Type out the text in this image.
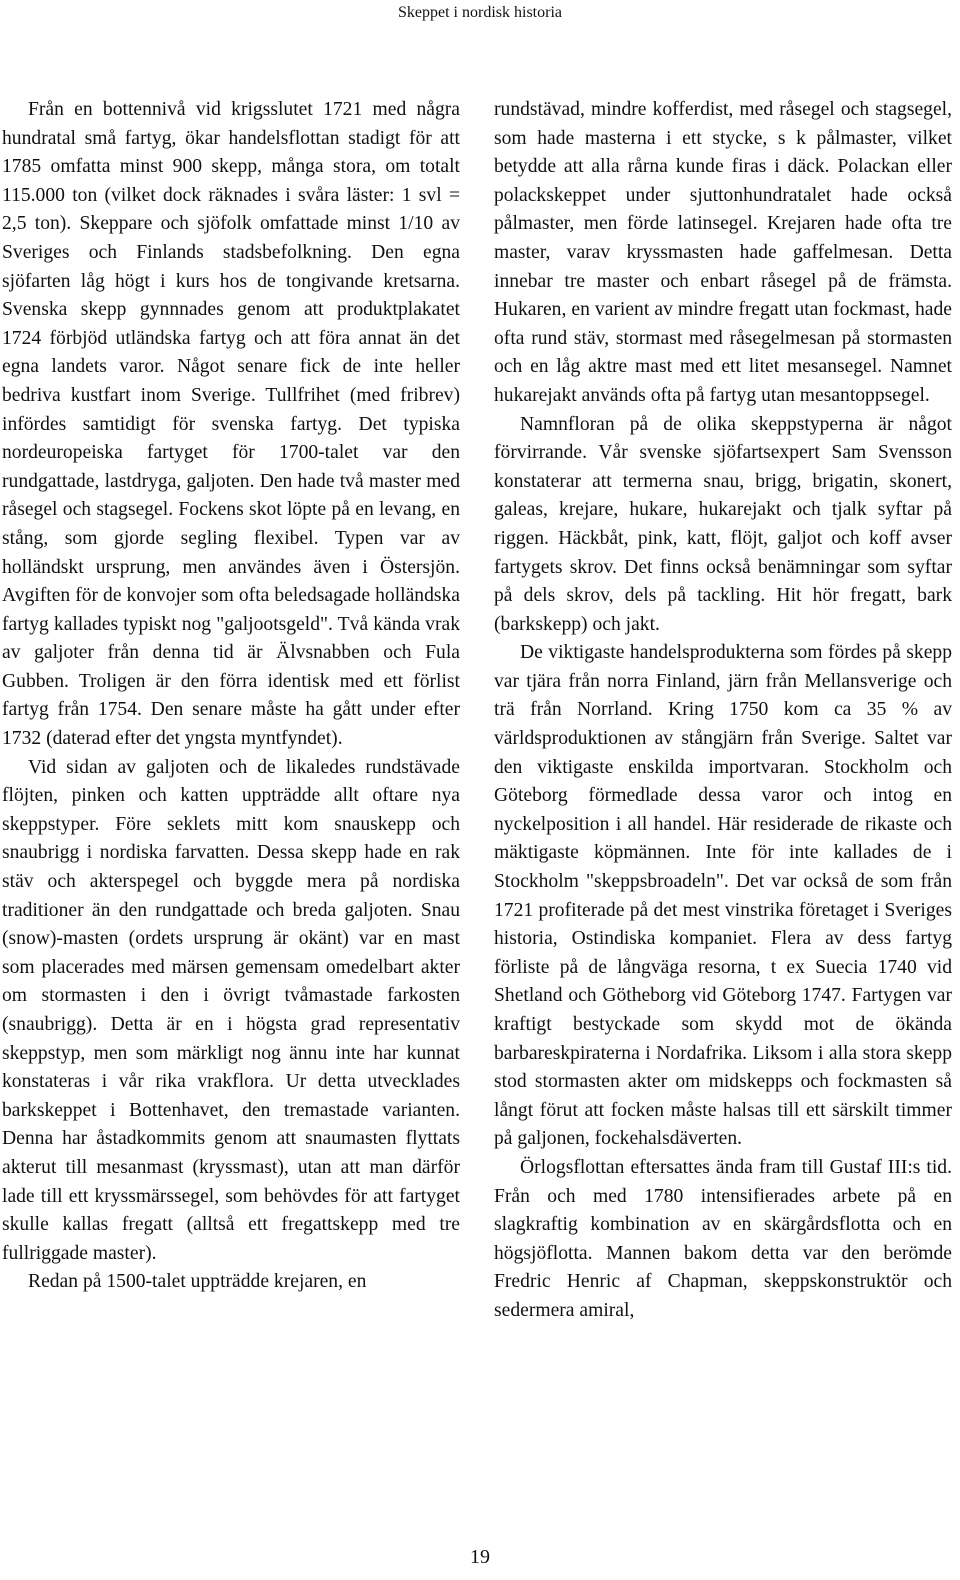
Skeppet i nordisk historia

Från en bottennivå vid krigsslutet 1721 med några hundratal små fartyg, ökar handelsflottan stadigt för att 1785 omfatta minst 900 skepp, många stora, om totalt 115.000 ton (vilket dock räknades i svåra läster: 1 svl = 2,5 ton). Skeppare och sjöfolk omfattade minst 1/10 av Sveriges och Finlands stadsbefolkning. Den egna sjöfarten låg högt i kurs hos de tongivande kretsarna. Svenska skepp gynnnades genom att produktplakatet 1724 förbjöd utländska fartyg och att föra annat än det egna landets varor. Något senare fick de inte heller bedriva kustfart inom Sverige. Tullfrihet (med fribrev) infördes samtidigt för svenska fartyg. Det typiska nordeuropeiska fartyget för 1700-talet var den rundgattade, lastdryga, galjoten. Den hade två master med råsegel och stagsegel. Fockens skot löpte på en levang, en stång, som gjorde segling flexibel. Typen var av holländskt ursprung, men användes även i Östersjön. Avgiften för de konvojer som ofta beledsagade holländska fartyg kallades typiskt nog "galjootsgeld". Två kända vrak av galjoter från denna tid är Älvsnabben och Fula Gubben. Troligen är den förra identisk med ett förlist fartyg från 1754. Den senare måste ha gått under efter 1732 (daterad efter det yngsta myntfyndet).

Vid sidan av galjoten och de likaledes rundstävade flöjten, pinken och katten uppträdde allt oftare nya skeppstyper. Före seklets mitt kom snauskepp och snaubrigg i nordiska farvatten. Dessa skepp hade en rak stäv och akterspegel och byggde mera på nordiska traditioner än den rundgattade och breda galjoten. Snau (snow)-masten (ordets ursprung är okänt) var en mast som placerades med märsen gemensam omedelbart akter om stormasten i den i övrigt tvåmastade farkosten (snaubrigg). Detta är en i högsta grad representativ skeppstyp, men som märkligt nog ännu inte har kunnat konstateras i vår rika vrakflora. Ur detta utvecklades barkskeppet i Bottenhavet, den tremastade varianten. Denna har åstadkommits genom att snaumasten flyttats akterut till mesanmast (kryssmast), utan att man därför lade till ett kryssmärssegel, som behövdes för att fartyget skulle kallas fregatt (alltså ett fregattskepp med tre fullriggade master).

Redan på 1500-talet uppträdde krejaren, en

rundstävad, mindre kofferdist, med råsegel och stagsegel, som hade masterna i ett stycke, s k pålmaster, vilket betydde att alla rårna kunde firas i däck. Polackan eller polackskeppet under sjuttonhundratalet hade också pålmaster, men förde latinsegel. Krejaren hade ofta tre master, varav kryssmasten hade gaffelmesan. Detta innebar tre master och enbart råsegel på de främsta. Hukaren, en varient av mindre fregatt utan fockmast, hade ofta rund stäv, stormast med råsegelmesan på stormasten och en låg aktre mast med ett litet mesansegel. Namnet hukarejakt används ofta på fartyg utan mesantoppsegel.

Namnfloran på de olika skeppstyperna är något förvirrande. Vår svenske sjöfartsexpert Sam Svensson konstaterar att termerna snau, brigg, brigatin, skonert, galeas, krejare, hukare, hukarejakt och tjalk syftar på riggen. Häckbåt, pink, katt, flöjt, galjot och koff avser fartygets skrov. Det finns också benämningar som syftar på dels skrov, dels på tackling. Hit hör fregatt, bark (barkskepp) och jakt.

De viktigaste handelsprodukterna som fördes på skepp var tjära från norra Finland, järn från Mellansverige och trä från Norrland. Kring 1750 kom ca 35 % av världsproduktionen av stångjärn från Sverige. Saltet var den viktigaste enskilda importvaran. Stockholm och Göteborg förmedlade dessa varor och intog en nyckelposition i all handel. Här residerade de rikaste och mäktigaste köpmännen. Inte för inte kallades de i Stockholm "skeppsbroadeln". Det var också de som från 1721 profiterade på det mest vinstrika företaget i Sveriges historia, Ostindiska kompaniet. Flera av dess fartyg förliste på de långväga resorna, t ex Suecia 1740 vid Shetland och Götheborg vid Göteborg 1747. Fartygen var kraftigt bestyckade som skydd mot de ökända barbareskpiraterna i Nordafrika. Liksom i alla stora skepp stod stormasten akter om midskepps och fockmasten så långt förut att focken måste halsas till ett särskilt timmer på galjonen, fockehalsdäverten.

Örlogsflottan eftersattes ända fram till Gustaf III:s tid. Från och med 1780 intensifierades arbete på en slagkraftig kombination av en skärgårdsflotta och en högsjöflotta. Mannen bakom detta var den berömde Fredric Henric af Chapman, skeppskonstruktör och sedermera amiral,

19
